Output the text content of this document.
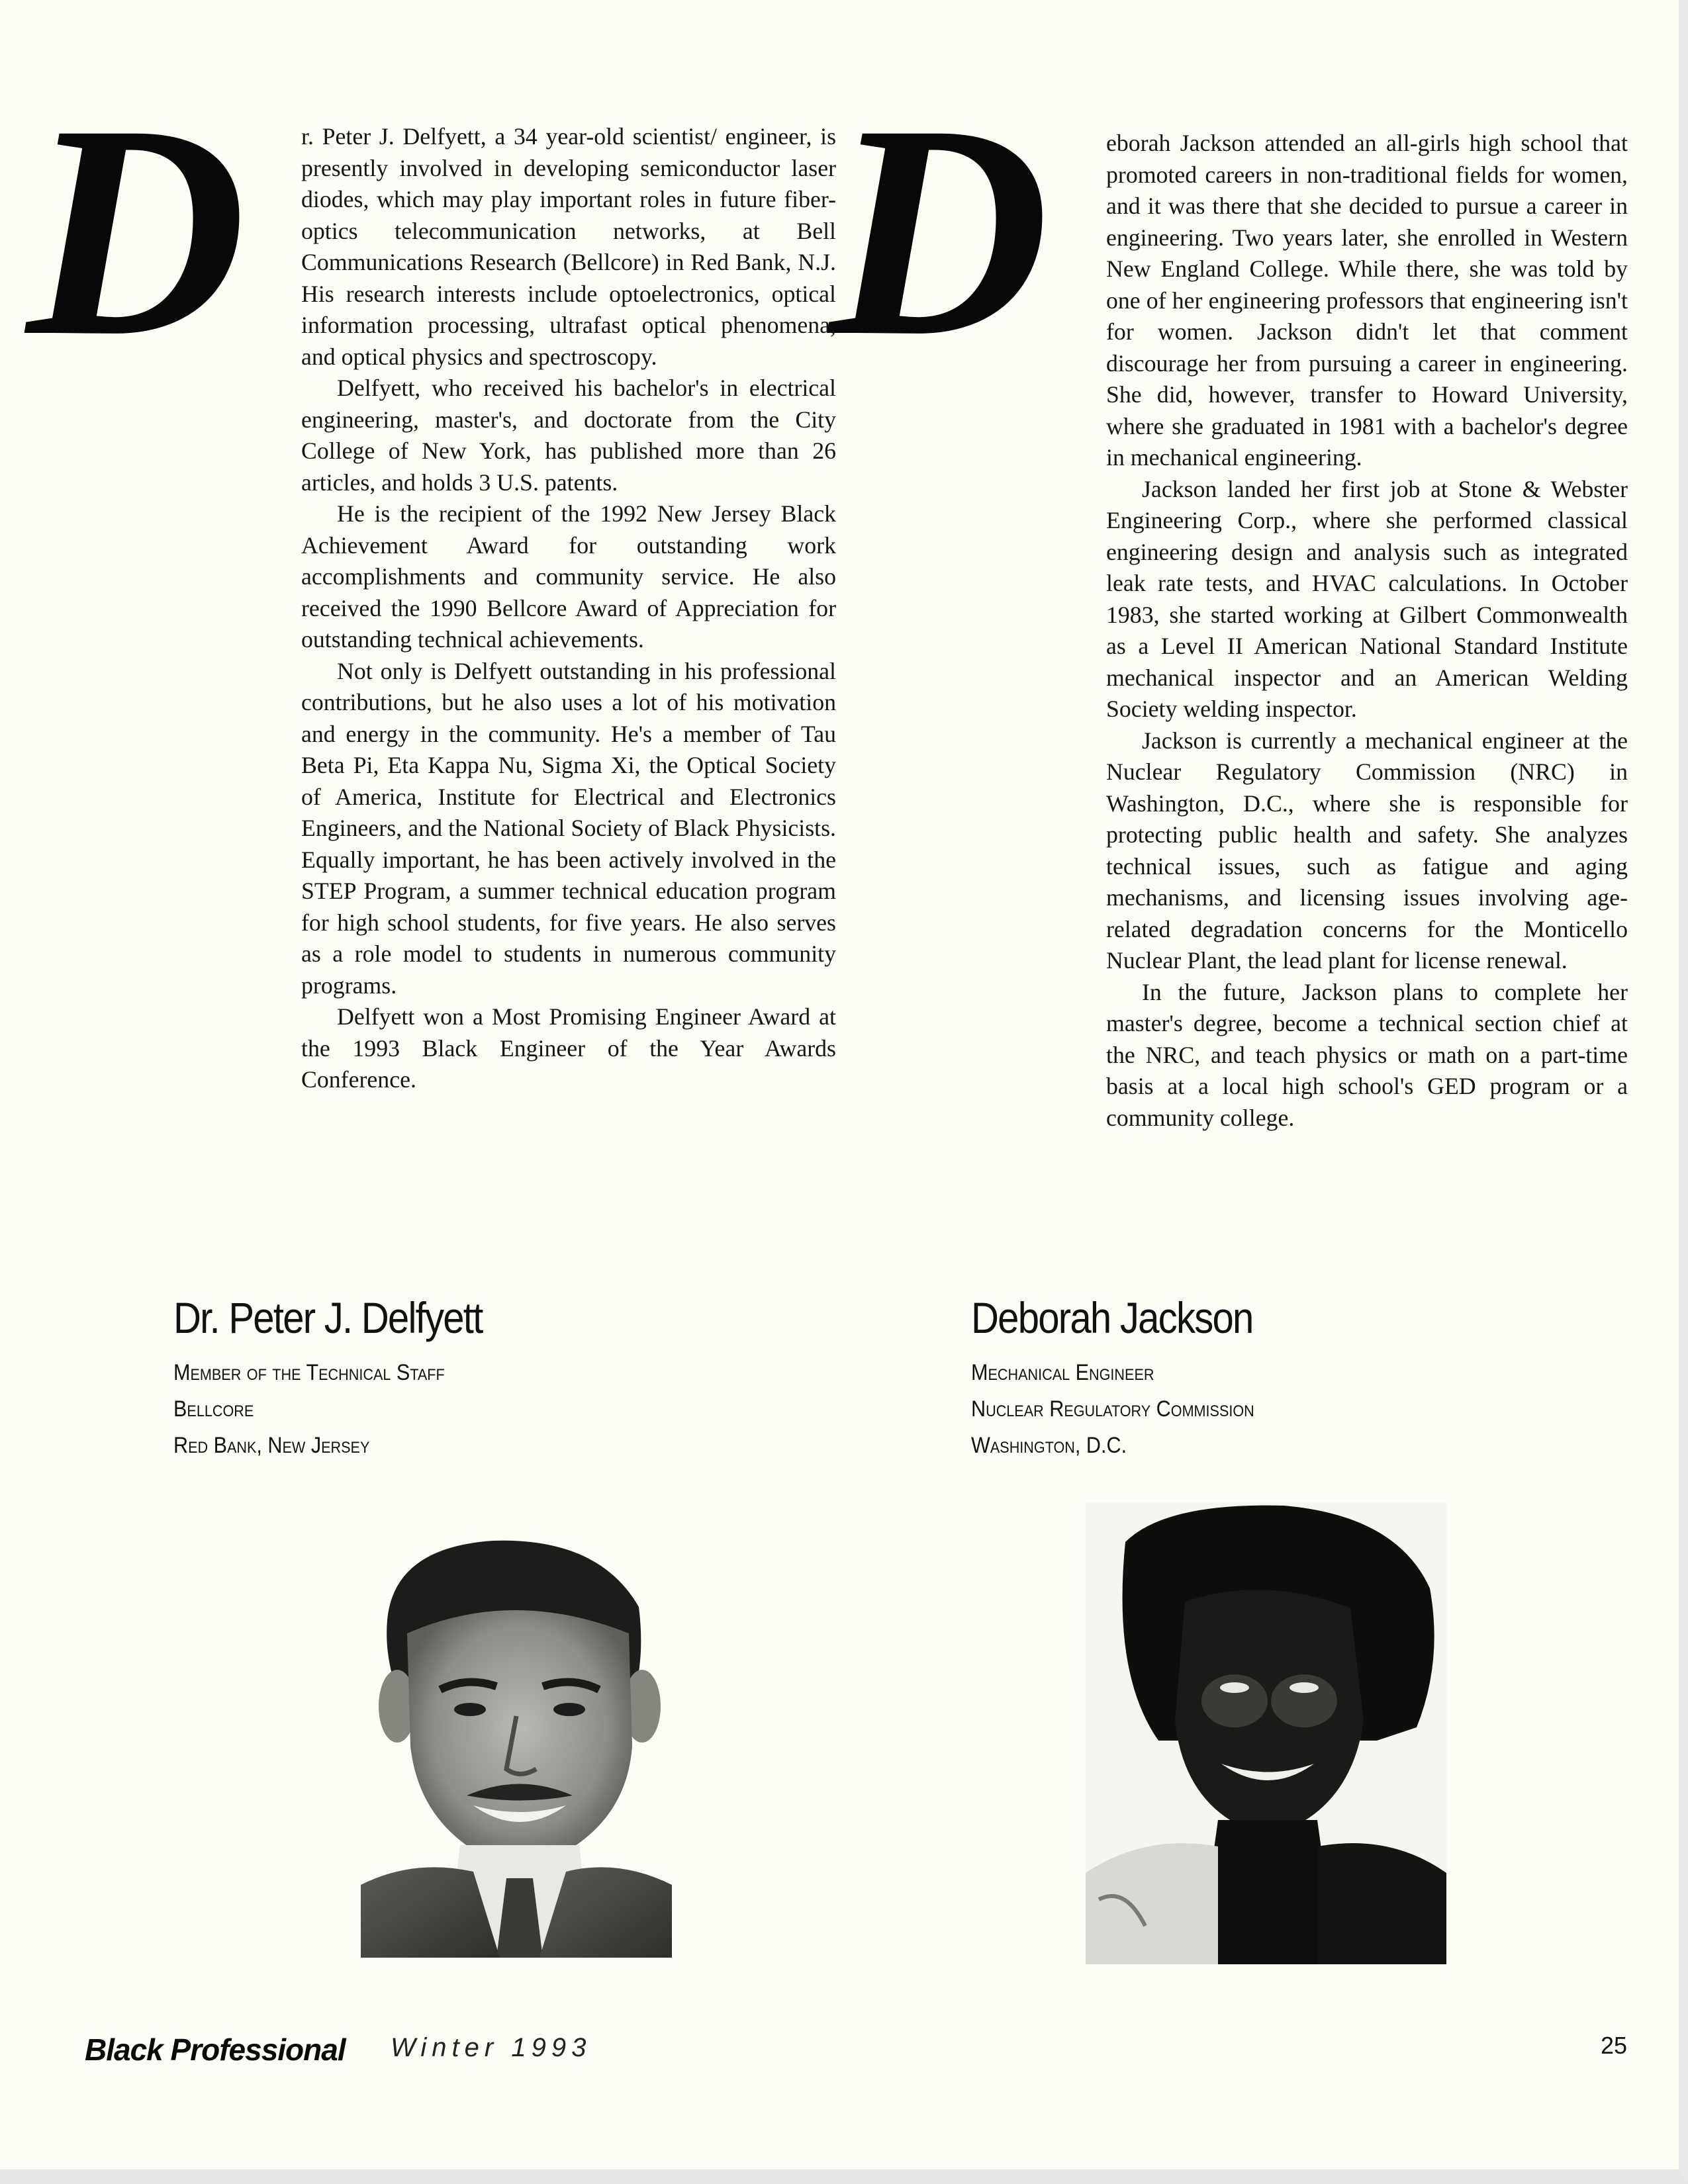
D r. Peter J. Delfyett, a 34 year-old scientist/ engineer, is presently involved in developing semiconductor laser diodes, which may play important roles in future fiber-optics telecommunication networks, at Bell Communications Research (Bellcore) in Red Bank, N.J. His research interests include optoelectronics, optical information processing, ultrafast optical phenomena, and optical physics and spectroscopy.

Delfyett, who received his bachelor's in electrical engineering, master's, and doctorate from the City College of New York, has published more than 26 articles, and holds 3 U.S. patents.

He is the recipient of the 1992 New Jersey Black Achievement Award for outstanding work accomplishments and community service. He also received the 1990 Bellcore Award of Appreciation for outstanding technical achievements.

Not only is Delfyett outstanding in his professional contributions, but he also uses a lot of his motivation and energy in the community. He's a member of Tau Beta Pi, Eta Kappa Nu, Sigma Xi, the Optical Society of America, Institute for Electrical and Electronics Engineers, and the National Society of Black Physicists. Equally important, he has been actively involved in the STEP Program, a summer technical education program for high school students, for five years. He also serves as a role model to students in numerous community programs.

Delfyett won a Most Promising Engineer Award at the 1993 Black Engineer of the Year Awards Conference.

Dr. Peter J. Delfyett
Member of the Technical Staff
Bellcore
Red Bank, New Jersey
D eborah Jackson attended an all-girls high school that promoted careers in non-traditional fields for women, and it was there that she decided to pursue a career in engineering. Two years later, she enrolled in Western New England College. While there, she was told by one of her engineering professors that engineering isn't for women. Jackson didn't let that comment discourage her from pursuing a career in engineering. She did, however, transfer to Howard University, where she graduated in 1981 with a bachelor's degree in mechanical engineering.

Jackson landed her first job at Stone & Webster Engineering Corp., where she performed classical engineering design and analysis such as integrated leak rate tests, and HVAC calculations. In October 1983, she started working at Gilbert Commonwealth as a Level II American National Standard Institute mechanical inspector and an American Welding Society welding inspector.

Jackson is currently a mechanical engineer at the Nuclear Regulatory Commission (NRC) in Washington, D.C., where she is responsible for protecting public health and safety. She analyzes technical issues, such as fatigue and aging mechanisms, and licensing issues involving age-related degradation concerns for the Monticello Nuclear Plant, the lead plant for license renewal.

In the future, Jackson plans to complete her master's degree, become a technical section chief at the NRC, and teach physics or math on a part-time basis at a local high school's GED program or a community college.

Deborah Jackson
Mechanical Engineer
Nuclear Regulatory Commission
Washington, D.C.
Black Professional Winter 1993	25
